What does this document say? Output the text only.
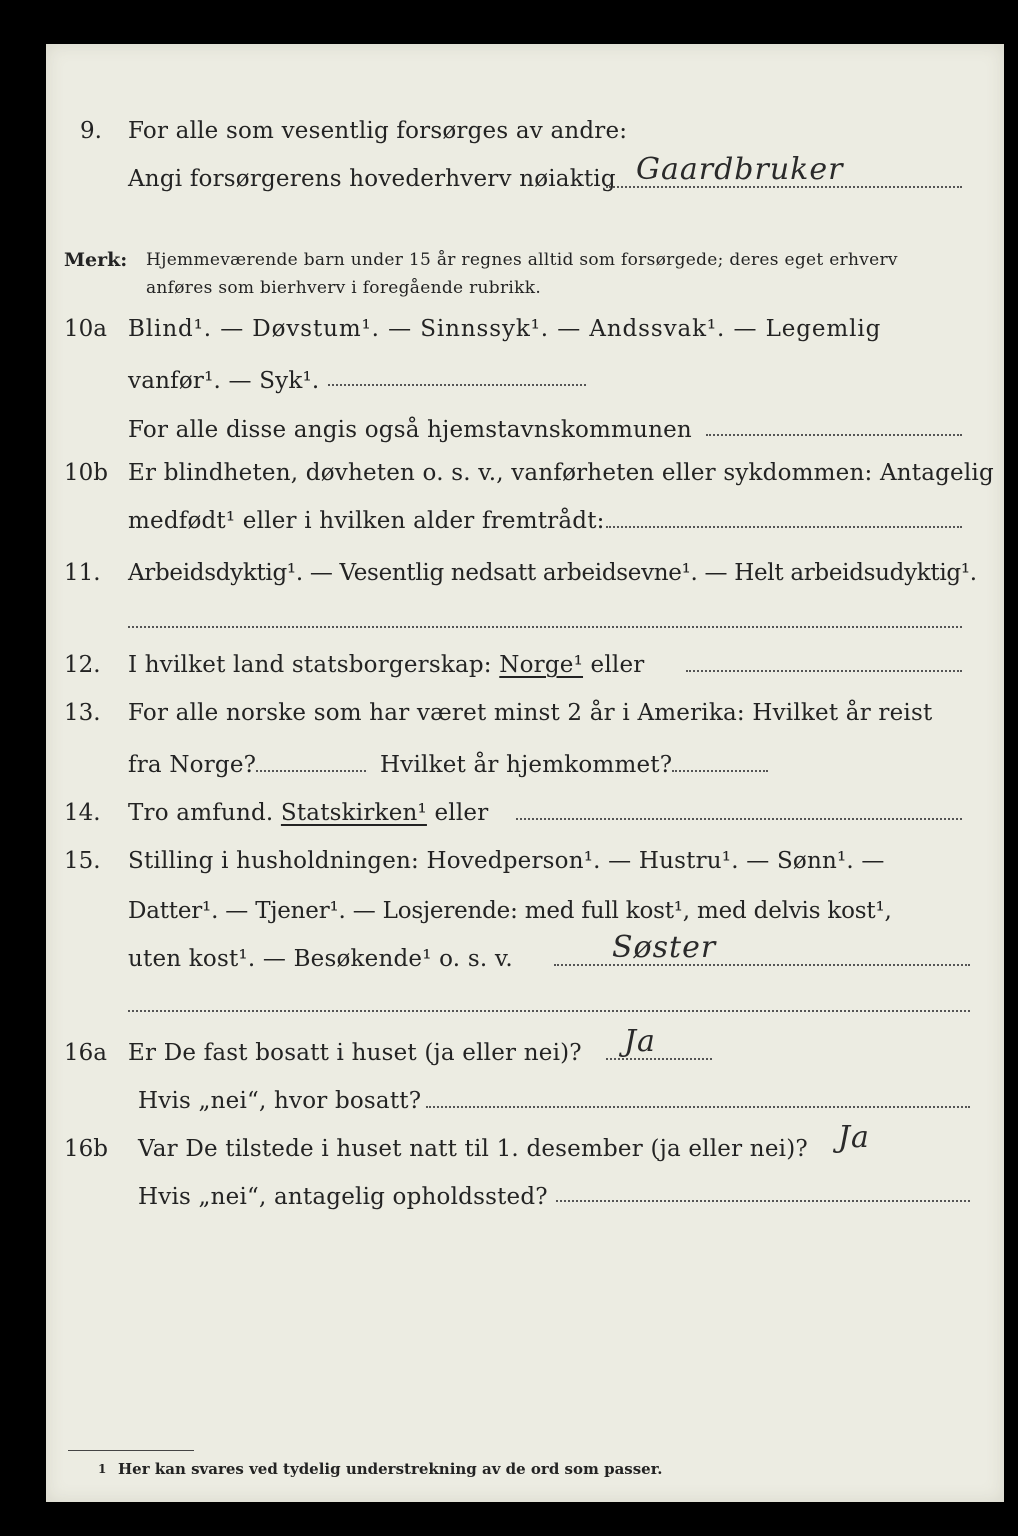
9. For alle som vesentlig forsørges av andre:
Angi forsørgerens hovederhverv nøiaktig Gaardbruker
Merk: Hjemmeværende barn under 15 år regnes alltid som forsørgede; deres eget erhverv
anføres som bierhverv i foregående rubrikk.
10a Blind¹. — Døvstum¹. — Sinnssyk¹. — Andssvak¹. — Legemlig
vanfør¹. — Syk¹.
For alle disse angis også hjemstavnskommunen
10b Er blindheten, døvheten o. s. v., vanførheten eller sykdommen: Antagelig
medfødt¹ eller i hvilken alder fremtrådt:
11. Arbeidsdyktig¹. — Vesentlig nedsatt arbeidsevne¹. — Helt arbeidsudyktig¹.
12. I hvilket land statsborgerskap: Norge¹ eller
13. For alle norske som har været minst 2 år i Amerika: Hvilket år reist
fra Norge?	Hvilket år hjemkommet?
14. Tro amfund. Statskirken¹ eller
15. Stilling i husholdningen: Hovedperson¹. — Hustru¹. — Sønn¹. —
Datter¹. — Tjener¹. — Losjerende: med full kost¹, med delvis kost¹,
uten kost¹. — Besøkende¹ o. s. v.	Søster
16a Er De fast bosatt i huset (ja eller nei)? Ja
Hvis „nei“, hvor bosatt?
16b Var De tilstede i huset natt til 1. desember (ja eller nei)? Ja
Hvis „nei“, antagelig opholdssted?
1 Her kan svares ved tydelig understrekning av de ord som passer.
